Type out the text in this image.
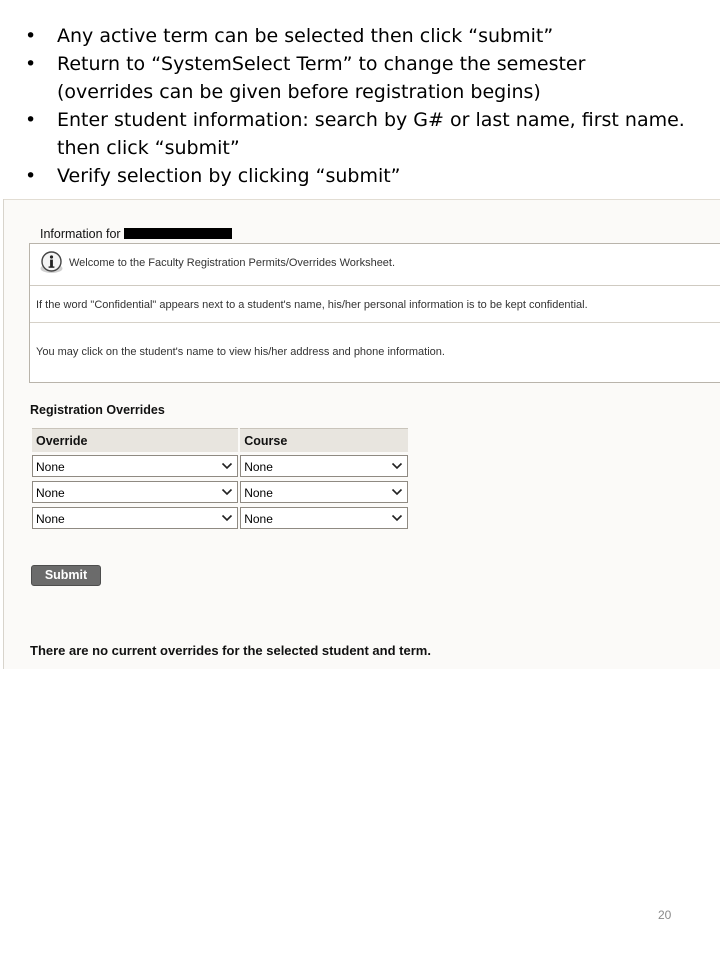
• Any active term can be selected then click “submit”
• Return to “SystemSelect Term” to change the semester
(overrides can be given before registration begins)
• Enter student information: search by G# or last name, first name.
then click “submit”
• Verify selection by clicking “submit”
Information for
Welcome to the Faculty Registration Permits/Overrides Worksheet.
If the word "Confidential" appears next to a student's name, his/her personal information is to be kept confidential.
You may click on the student's name to view his/her address and phone information.
Registration Overrides
Override	Course

None	None

None	None

None	None
Submit
There are no current overrides for the selected student and term.
20
